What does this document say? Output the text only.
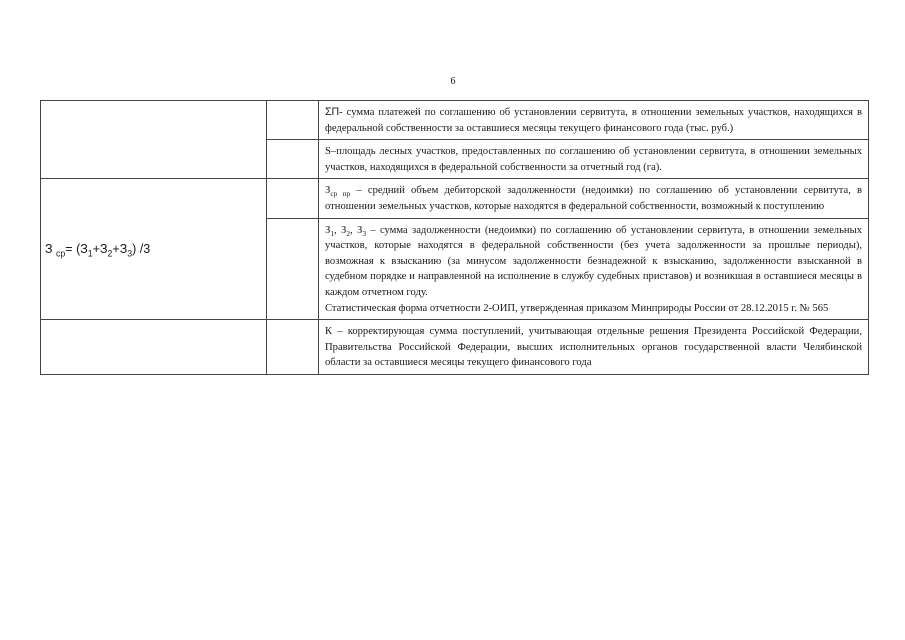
6

		ΣП- сумма платежей по соглашению об установлении сервитута, в отношении земельных участков, находящихся в федеральной собственности за оставшиеся месяцы текущего финансового года (тыс. руб.)

		S–площадь лесных участков, предоставленных по соглашению об установлении сервитута, в отношении земельных участков, находящихся в федеральной собственности за отчетный год (га).

З $_{ср}= (З_1+З_2+З_3)$ /3		$З_{ср пр}$ – средний объем дебиторской задолженности (недоимки) по соглашению об установлении сервитута, в отношении земельных участков, которые находятся в федеральной собственности, возможный к поступлению

		$З_1$, $З_2$, $З_3$ – сумма задолженности (недоимки) по соглашению об установлении сервитута, в отношении земельных участков, которые находятся в федеральной собственности (без учета задолженности за прошлые периоды), возможная к взысканию (за минусом задолженности безнадежной к взысканию, задолженности взысканной в судебном порядке и направленной на исполнение в службу судебных приставов) и возникшая в оставшиеся месяцы в каждом отчетном году.

Статистическая форма отчетности 2-ОИП, утвержденная приказом Минприроды России от 28.12.2015 г. № 565

		К – корректирующая сумма поступлений, учитывающая отдельные решения Президента Российской Федерации, Правительства Российской Федерации, высших исполнительных органов государственной власти Челябинской области за оставшиеся месяцы текущего финансового года
